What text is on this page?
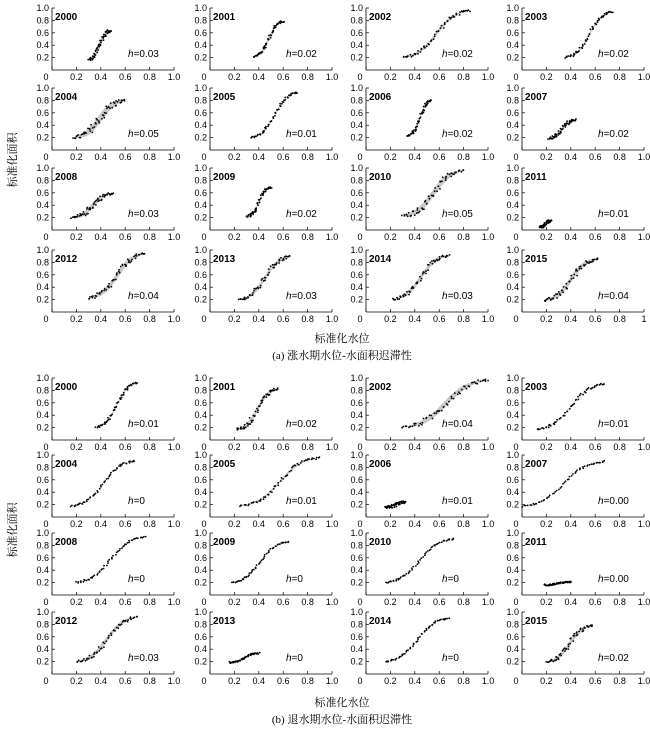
0.2
0.4
0.6
0.8
1.0
0 0.2 0.4 0.6 0.8 1.0
2000
h=0.03	0.2
0.4
0.6
0.8
1.0
0 0.2 0.4 0.6 0.8 1.0
2001
h=0.02	0.2
0.4
0.6
0.8
1.0
0 0.2 0.4 0.6 0.8 1.0
2002
h=0.02	0.2
0.4
0.6
0.8
1.0
0 0.2 0.4 0.6 0.8 1.0
2003
h=0.02
0.2
0.4
0.6
0.8
1.0
0 0.2 0.4 0.6 0.8 1.0
2004
h=0.05	0.2
0.4
0.6
0.8
1.0
0 0.2 0.4 0.6 0.8 1.0
2005
h=0.01	0.2
0.4
0.6
0.8
1.0
0 0.2 0.4 0.6 0.8 1.0
2006
h=0.02	0.2
0.4
0.6
0.8
1.0
0 0.2 0.4 0.6 0.8 1.0
2007
h=0.02
0.2
0.4
0.6
0.8
1.0
0 0.2 0.4 0.6 0.8 1.0
2008
h=0.03	0.2
0.4
0.6
0.8
1.0
0 0.2 0.4 0.6 0.8 1.0
2009
h=0.02	0.2
0.4
0.6
0.8
1.0
0 0.2 0.4 0.6 0.8 1.0
2010
h=0.05	0.2
0.4
0.6
0.8
1.0
0 0.2 0.4 0.6 0.8 1.0
2011
h=0.01
0.2
0.4
0.6
0.8
1.0
0 0.2 0.4 0.6 0.8 1.0
2012
h=0.04	0.2
0.4
0.6
0.8
1.0
0 0.2 0.4 0.6 0.8 1.0
2013
h=0.03	0.2
0.4
0.6
0.8
1.0
0 0.2 0.4 0.6 0.8 1.0
2014
h=0.03	0.2
0.4
0.6
0.8
1.0
0 0.2 0.4 0.6 0.8 1
2015
h=0.04
0.2
0.4
0.6
0.8
1.0
0 0.2 0.4 0.6 0.8 1.0
2000
h=0.01	0.2
0.4
0.6
0.8
1.0
0 0.2 0.4 0.6 0.8 1.0
2001
h=0.02	0.2
0.4
0.6
0.8
1.0
0 0.2 0.4 0.6 0.8 1.0
2002
h=0.04	0.2
0.4
0.6
0.8
1.0
0 0.2 0.4 0.6 0.8 1.0
2003
h=0.01
0.2
0.4
0.6
0.8
1.0
0 0.2 0.4 0.6 0.8 1.0
2004
h=0	0.2
0.4
0.6
0.8
1.0
0 0.2 0.4 0.6 0.8 1.0
2005
h=0.01	0.2
0.4
0.6
0.8
1.0
0 0.2 0.4 0.6 0.8 1.0
2006
h=0.01	0.2
0.4
0.6
0.8
1.0
0 0.2 0.4 0.6 0.8 1.0
2007
h=0.00
0.2
0.4
0.6
0.8
1.0
0 0.2 0.4 0.6 0.8 1.0
2008
h=0	0.2
0.4
0.6
0.8
1.0
0 0.2 0.4 0.6 0.8 1.0
2009
h=0	0.2
0.4
0.6
0.8
1.0
0 0.2 0.4 0.6 0.8 1.0
2010
h=0	0.2
0.4
0.6
0.8
1.0
0 0.2 0.4 0.6 0.8 1.0
2011
h=0.00
0.2
0.4
0.6
0.8
1.0
0 0.2 0.4 0.6 0.8 1.0
2012
h=0.03	0.2
0.4
0.6
0.8
1.0
0 0.2 0.4 0.6 0.8 1.0
2013
h=0	0.2
0.4
0.6
0.8
1.0
0 0.2 0.4 0.6 0.8 1.0
2014
h=0	0.2
0.4
0.6
0.8
1.0
0 0.2 0.4 0.6 0.8 1.0
2015
h=0.02
标准化面积
标准化水位
(a) 涨水期水位-水面积迟滞性
标准化面积
标准化水位
(b) 退水期水位-水面积迟滞性
